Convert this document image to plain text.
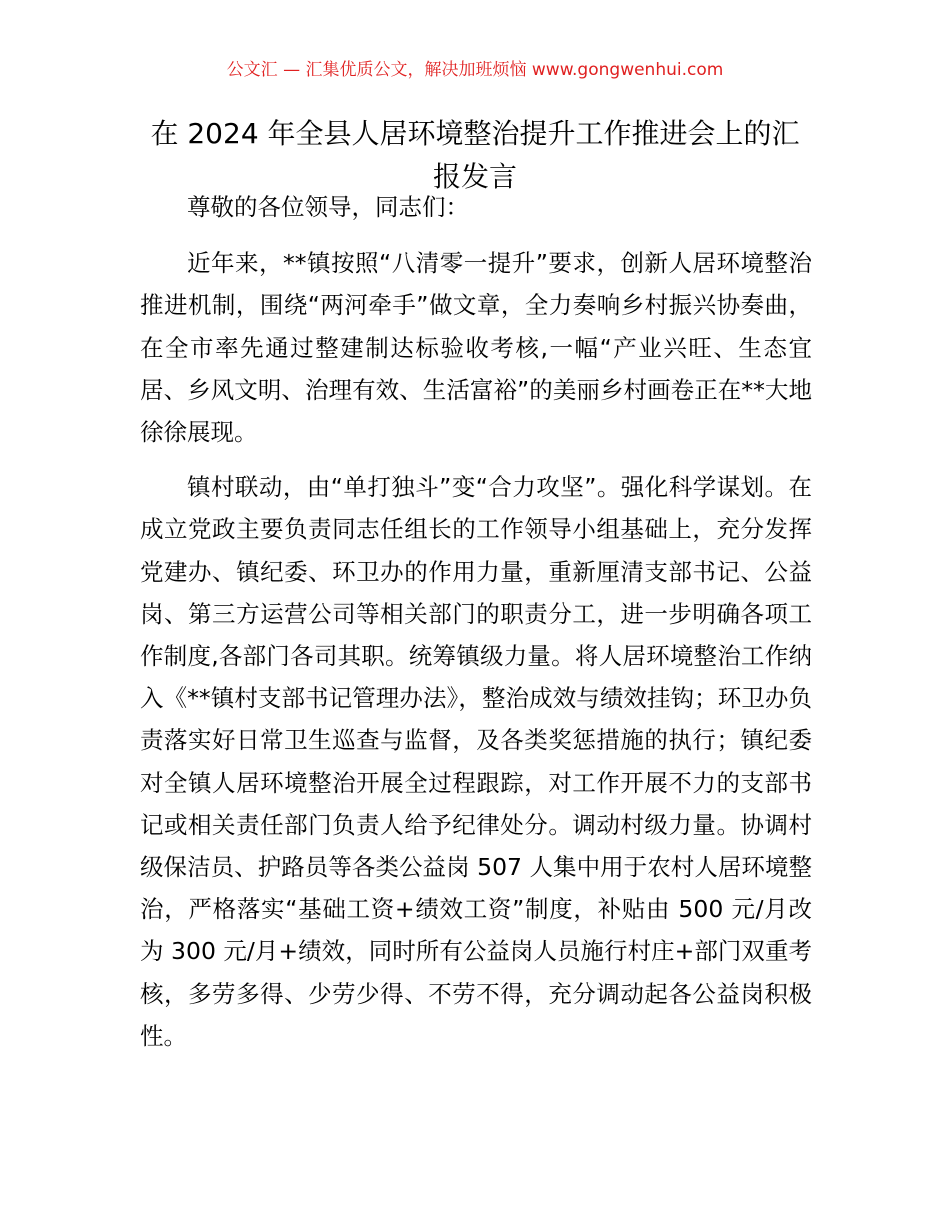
公文汇 — 汇集优质公文，解决加班烦恼 www.gongwenhui.com
在 2024 年全县人居环境整治提升工作推进会上的汇报发言

尊敬的各位领导，同志们：

近年来，**镇按照“八清零一提升”要求，创新人居环境整治推进机制，围绕“两河牵手”做文章，全力奏响乡村振兴协奏曲，在全市率先通过整建制达标验收考核,一幅“产业兴旺、生态宜居、乡风文明、治理有效、生活富裕”的美丽乡村画卷正在**大地徐徐展现。

镇村联动，由“单打独斗”变“合力攻坚”。强化科学谋划。在成立党政主要负责同志任组长的工作领导小组基础上，充分发挥党建办、镇纪委、环卫办的作用力量，重新厘清支部书记、公益岗、第三方运营公司等相关部门的职责分工，进一步明确各项工作制度,各部门各司其职。统筹镇级力量。将人居环境整治工作纳入《**镇村支部书记管理办法》，整治成效与绩效挂钩；环卫办负责落实好日常卫生巡查与监督，及各类奖惩措施的执行；镇纪委对全镇人居环境整治开展全过程跟踪，对工作开展不力的支部书记或相关责任部门负责人给予纪律处分。调动村级力量。协调村级保洁员、护路员等各类公益岗 507 人集中用于农村人居环境整治，严格落实“基础工资+绩效工资”制度，补贴由 500 元/月改为 300 元/月+绩效，同时所有公益岗人员施行村庄+部门双重考核，多劳多得、少劳少得、不劳不得，充分调动起各公益岗积极性。
